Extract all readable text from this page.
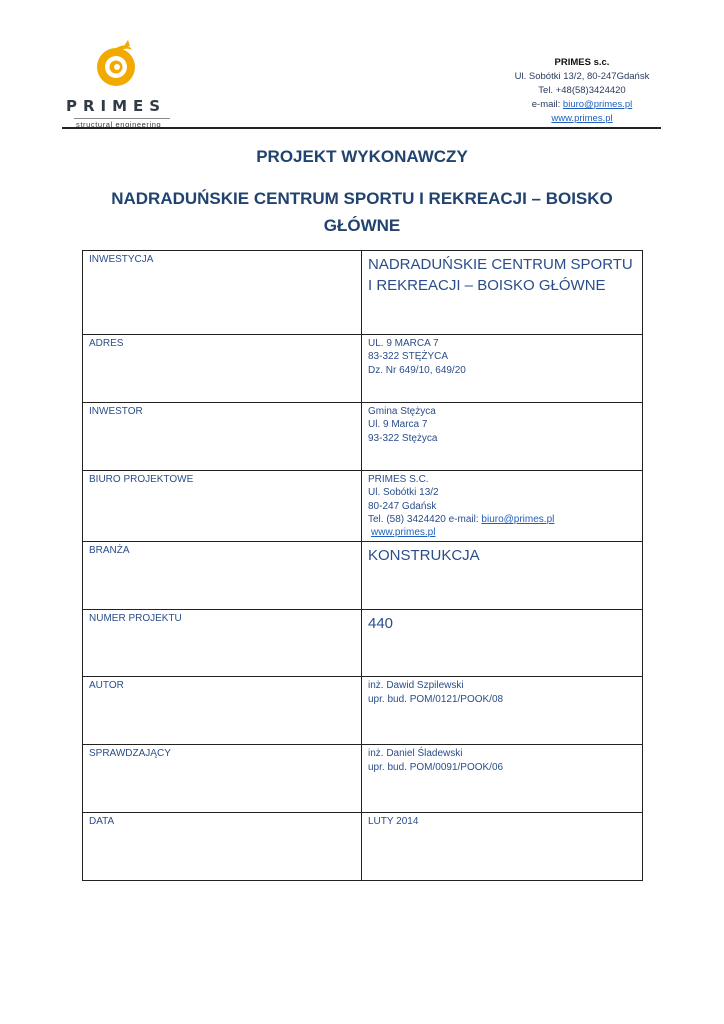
PRIMES
structural engineering
PRIMES s.c.
Ul. Sobótki 13/2, 80-247Gdańsk
Tel. +48(58)3424420
e-mail: biuro@primes.pl
www.primes.pl
PROJEKT WYKONAWCZY
NADRADUŃSKIE CENTRUM SPORTU I REKREACJI – BOISKO GŁÓWNE
INWESTYCJA	NADRADUŃSKIE CENTRUM SPORTU I REKREACJI – BOISKO GŁÓWNE

ADRES	UL. 9 MARCA 7
83-322 STĘŻYCA
Dz. Nr 649/10, 649/20

INWESTOR	Gmina Stężyca
Ul. 9 Marca 7
93-322 Stężyca

BIURO PROJEKTOWE	PRIMES S.C.
Ul. Sobótki 13/2
80-247 Gdańsk
Tel. (58) 3424420 e-mail: biuro@primes.pl
www.primes.pl

BRANŻA	KONSTRUKCJA

NUMER PROJEKTU	440

AUTOR	inż. Dawid Szpilewski
upr. bud. POM/0121/POOK/08

SPRAWDZAJĄCY	inż. Daniel Śladewski
upr. bud. POM/0091/POOK/06

DATA	LUTY 2014
